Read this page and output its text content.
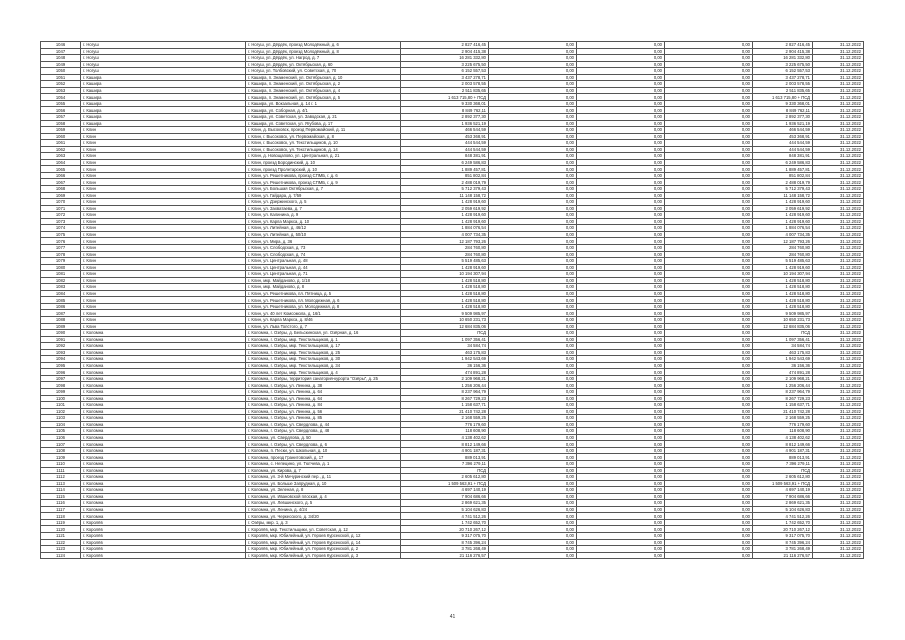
1046	г. Ногуш	г. Ногуш, ул. Дёрдёк, проезд Молодёжный, д. 6	2 827 416,45	0,00	0,00	0,00	2 827 416,45	31.12.2022
1047	г. Ногуш	г. Ногуш, ул. Дёрдёк, проезд Молодёжный, д. 8	2 904 415,38	0,00	0,00	0,00	2 904 415,38	31.12.2022
1048	г. Ногуш	г. Ногуш, ул. Дёрдёк, ул. Нагрод, д. 7	16 281 332,80	0,00	0,00	0,00	16 281 332,80	31.12.2022
1049	г. Ногуш	г. Ногуш, ул. Дёрдёк, ул. Октябрьская, д. 60	3 225 675,50	0,00	0,00	0,00	3 225 675,50	31.12.2022
1050	г. Ногуш	г. Ногуш, ул. Толбовский, ул. Советская, д. 70	6 152 557,53	0,00	0,00	0,00	6 152 557,53	31.12.2022
1051	г. Кашира	г. Кашира, п. Знаменский, ул. Октябрьская, д. 10	3 437 278,71	0,00	0,00	0,00	3 437 278,71	31.12.2022
1052	г. Кашира	г. Кашира, п. Знаменский, ул. Октябрьская, д. 2	2 003 578,55	0,00	0,00	0,00	2 003 578,55	31.12.2022
1053	г. Кашира	г. Кашира, п. Знаменский, ул. Октябрьская, д. 4	2 511 835,65	0,00	0,00	0,00	2 511 835,65	31.12.2022
1054	г. Кашира	г. Кашира, п. Знаменский, ул. Октябрьская, д. 5	1 613 715,80 + ПСД	0,00	0,00	0,00	1 613 715,80 + ПСД	31.12.2022
1055	г. Кашира	г. Кашира, ул. Вокзальная, д. 14 г. 1	9 330 368,01	0,00	0,00	0,00	9 330 368,01	31.12.2022
1056	г. Кашира	г. Кашира, ул. Соборная, д. 4/1	8 849 762,11	0,00	0,00	0,00	8 849 762,11	31.12.2022
1057	г. Кашира	г. Кашира, ул. Советская, ул. Заводская, д. 21	2 892 377,30	0,00	0,00	0,00	2 892 377,30	31.12.2022
1058	г. Кашира	г. Кашира, ул. Советская, ул. Ягубова, д. 17	1 936 521,19	0,00	0,00	0,00	1 936 521,19	31.12.2022
1059	г. Клин	г. Клин, д. Высоковск, проезд Первомайский, д. 11	466 544,59	0,00	0,00	0,00	466 544,59	31.12.2022
1060	г. Клин	г. Клин, г. Высоковск, ул. Первомайская, д. 8	453 368,91	0,00	0,00	0,00	453 368,91	31.12.2022
1061	г. Клин	г. Клин, г. Высоковск, ул. Текстильщиков, д. 10	444 544,59	0,00	0,00	0,00	444 544,59	31.12.2022
1062	г. Клин	г. Клин, г. Высоковск, ул. Текстильщиков, д. 14	444 544,59	0,00	0,00	0,00	444 544,59	31.12.2022
1063	г. Клин	г. Клин, д. Новощапово, ул. Центральная, д. 21	848 381,91	0,00	0,00	0,00	848 381,91	31.12.2022
1064	г. Клин	г. Клин, проезд Бородинский, д. 10	6 249 586,83	0,00	0,00	0,00	6 249 586,83	31.12.2022
1065	г. Клин	г. Клин, проезд Пролетарский, д. 10	1 889 457,81	0,00	0,00	0,00	1 889 457,81	31.12.2022
1066	г. Клин	г. Клин, ул. Решетникова, проезд СПМБ, г. д. 6	851 802,84	0,00	0,00	0,00	851 802,84	31.12.2022
1067	г. Клин	г. Клин, ул. Решетникова, проезд СПМБ, г. д. 9	2 488 019,79	0,00	0,00	0,00	2 488 019,79	31.12.2022
1068	г. Клин	г. Клин, ул. Большая Октябрьская, д. 7	5 712 379,43	0,00	0,00	0,00	5 712 379,43	31.12.2022
1069	г. Клин	г. Клин, ул. Гайдара, д. 7/59	11 148 158,72	0,00	0,00	0,00	11 148 158,72	31.12.2022
1070	г. Клин	г. Клин, ул. Дзержинского, д. 5	1 428 919,60	0,00	0,00	0,00	1 428 919,60	31.12.2022
1071	г. Клин	г. Клин, ул. Захватаева, д. 7	2 059 619,92	0,00	0,00	0,00	2 059 619,92	31.12.2022
1072	г. Клин	г. Клин, ул. Калинина, д. 9	1 428 919,60	0,00	0,00	0,00	1 428 919,60	31.12.2022
1073	г. Клин	г. Клин, ул. Карла Маркса, д. 10	1 428 919,60	0,00	0,00	0,00	1 428 919,60	31.12.2022
1074	г. Клин	г. Клин, ул. Литейная, д. 46/12	1 884 076,54	0,00	0,00	0,00	1 884 076,54	31.12.2022
1075	г. Клин	г. Клин, ул. Литейная, д. 50/10	4 007 734,35	0,00	0,00	0,00	4 007 734,35	31.12.2022
1076	г. Клин	г. Клин, ул. Мира, д. 36	12 187 793,26	0,00	0,00	0,00	12 187 793,26	31.12.2022
1077	г. Клин	г. Клин, ул. Слободская, д. 73	284 760,80	0,00	0,00	0,00	284 760,80	31.12.2022
1078	г. Клин	г. Клин, ул. Слободская, д. 74	284 760,80	0,00	0,00	0,00	284 760,80	31.12.2022
1079	г. Клин	г. Клин, ул. Центральная, д. 48	5 519 485,63	0,00	0,00	0,00	5 519 485,63	31.12.2022
1080	г. Клин	г. Клин, ул. Центральная, д. 44	1 428 919,60	0,00	0,00	0,00	1 428 919,60	31.12.2022
1081	г. Клин	г. Клин, ул. Центральная, д. 71	10 194 307,94	0,00	0,00	0,00	10 194 307,94	31.12.2022
1082	г. Клин	г. Клин, мкр. Майданово, д. 1/18	1 428 518,80	0,00	0,00	0,00	1 428 518,80	31.12.2022
1083	г. Клин	г. Клин, мкр. Майданово, д. 8	1 428 518,80	0,00	0,00	0,00	1 428 518,80	31.12.2022
1084	г. Клин	г. Клин, ул. Решетникова, пл. Пятница, д. 5	1 428 518,80	0,00	0,00	0,00	1 428 518,80	31.12.2022
1085	г. Клин	г. Клин, ул. Решетникова, пл. Молодежная, д. 6	1 428 518,80	0,00	0,00	0,00	1 428 518,80	31.12.2022
1086	г. Клин	г. Клин, ул. Решетникова, ул. Молодежная, д. 8	1 428 518,80	0,00	0,00	0,00	1 428 518,80	31.12.2022
1087	г. Клин	г. Клин, ул. 40 лет Комсомола, д. 16/1	9 509 985,97	0,00	0,00	0,00	9 509 985,97	31.12.2022
1088	г. Клин	г. Клин, ул. Карла Маркса, д. 8/46	10 650 231,73	0,00	0,00	0,00	10 650 231,73	31.12.2022
1089	г. Клин	г. Клин, ул. Льва Толстого, д. 7	12 684 835,06	0,00	0,00	0,00	12 684 835,06	31.12.2022
1090	г. Коломна	г. Коломна, г. Озёры, д. Бельскинская, ул. Озёрная, д. 16	ПСД	0,00	0,00	0,00	ПСД	31.12.2022
1091	г. Коломна	г. Коломна, г. Озёры, мкр. Текстильщиков, д. 1	1 097 356,41	0,00	0,00	0,00	1 097 356,41	31.12.2022
1092	г. Коломна	г. Коломна, г. Озёры, мкр. Текстильщиков, д. 17	34 584,74	0,00	0,00	0,00	34 584,74	31.12.2022
1093	г. Коломна	г. Коломна, г. Озёры, мкр. Текстильщиков, д. 25	463 175,83	0,00	0,00	0,00	463 175,83	31.12.2022
1094	г. Коломна	г. Коломна, г. Озёры, мкр. Текстильщиков, д. 30	1 942 543,69	0,00	0,00	0,00	1 942 543,69	31.12.2022
1095	г. Коломна	г. Коломна, г. Озёры, мкр. Текстильщиков, д. 34	36 156,36	0,00	0,00	0,00	36 156,36	31.12.2022
1096	г. Коломна	г. Коломна, г. Озёры, мкр. Текстильщиков, д. 4	474 891,28	0,00	0,00	0,00	474 891,28	31.12.2022
1097	г. Коломна	г. Коломна, г. Озёры, территория санатория-курорта "Озёры", д. 25	2 109 968,21	0,00	0,00	0,00	2 109 968,21	31.12.2022
1098	г. Коломна	г. Коломна, г. Озёры, ул. Ленина, д. 38	1 256 206,44	0,00	0,00	0,00	1 256 206,44	31.12.2022
1099	г. Коломна	г. Коломна, г. Озёры, ул. Ленина, д. 64	8 237 964,79	0,00	0,00	0,00	8 237 964,79	31.12.2022
1100	г. Коломна	г. Коломна, г. Озёры, ул. Ленина, д. 64	8 267 729,23	0,00	0,00	0,00	8 267 729,23	31.12.2022
1101	г. Коломна	г. Коломна, г. Озёры, ул. Ленина, д. 84	1 158 637,71	0,00	0,00	0,00	1 158 637,71	31.12.2022
1102	г. Коломна	г. Коломна, г. Озёры, ул. Ленина, д. 56	21 410 742,28	0,00	0,00	0,00	21 410 742,28	31.12.2022
1103	г. Коломна	г. Коломна, г. Озёры, ул. Ленина, д. 85	2 168 559,25	0,00	0,00	0,00	2 168 559,25	31.12.2022
1104	г. Коломна	г. Коломна, г. Озёры, ул. Свердлова, д. 44	776 179,60	0,00	0,00	0,00	776 179,60	31.12.2022
1105	г. Коломна	г. Коломна, г. Озёры, ул. Свердлова, д. 48	118 608,90	0,00	0,00	0,00	118 608,90	31.12.2022
1106	г. Коломна	г. Коломна, ул. Свердлова, д. 50	4 138 402,62	0,00	0,00	0,00	4 138 402,62	31.12.2022
1107	г. Коломна	г. Коломна, г. Озёры, ул. Свердлова, д. 6	8 812 149,66	0,00	0,00	0,00	8 812 149,66	31.12.2022
1108	г. Коломна	г. Коломна, п. Пески, ул. Школьная, д. 10	4 901 187,31	0,00	0,00	0,00	4 901 187,31	31.12.2022
1109	г. Коломна	г. Коломна, проезд Гранитовский, д. 17	889 013,91	0,00	0,00	0,00	889 013,91	31.12.2022
1110	г. Коломна	г. Коломна, с. Непецино, ул. Тютчева, д. 1	7 396 279,11	0,00	0,00	0,00	7 396 279,11	31.12.2022
1111	г. Коломна	г. Коломна, ул. Кирова, д. 7	ПСД	0,00	0,00	0,00	ПСД	31.12.2022
1112	г. Коломна	г. Коломна, ул. 3-й Мичуринский пер., д. 11	2 605 612,80	0,00	0,00	0,00	2 605 612,80	31.12.2022
1113	г. Коломна	г. Коломна, ул. Больше Запрудная, д. 10	1 509 563,91 + ПСД	0,00	0,00	0,00	1 509 563,91 + ПСД	31.12.2022
1114	г. Коломна	г. Коломна, ул. Зеленая, д. 8	4 697 140,19	0,00	0,00	0,00	4 697 140,19	31.12.2022
1115	г. Коломна	г. Коломна, ул. Ивановской плоская, д. 4	7 904 686,66	0,00	0,00	0,00	7 904 686,66	31.12.2022
1116	г. Коломна	г. Коломна, ул. Левшинского, д. 5	2 869 621,35	0,00	0,00	0,00	2 869 621,35	31.12.2022
1117	г. Коломна	г. Коломна, ул. Ленина, д. 4/24	5 104 626,83	0,00	0,00	0,00	5 104 626,83	31.12.2022
1118	г. Коломна	г. Коломна, ул. Черкесского, д. 34/20	4 741 512,26	0,00	0,00	0,00	4 741 512,26	31.12.2022
1119	г. Королёв	г. Озёры, мкр. 1, д. 3	1 742 652,70	0,00	0,00	0,00	1 742 652,70	31.12.2022
1120	г. Королёв	г. Королёв, мкр. Текстильщики, ул. Советская, д. 12	20 710 267,12	0,00	0,00	0,00	20 710 267,12	31.12.2022
1121	г. Королёв	г. Королёв, мкр. Юбилейный, ул. Героев Курсекской, д. 12	9 317 075,70	0,00	0,00	0,00	9 317 075,70	31.12.2022
1122	г. Королёв	г. Королёв, мкр. Юбилейный, ул. Героев Курсекской, д. 14	8 745 396,24	0,00	0,00	0,00	8 745 396,24	31.12.2022
1123	г. Королёв	г. Королёв, мкр. Юбилейный, ул. Героев Курсекской, д. 2	3 781 268,49	0,00	0,00	0,00	3 781 268,49	31.12.2022
1124	г. Королёв	г. Королёв, мкр. Юбилейный, ул. Героев Курсекской, д. 3	21 116 276,57	0,00	0,00	0,00	21 116 276,57	31.12.2022
41
